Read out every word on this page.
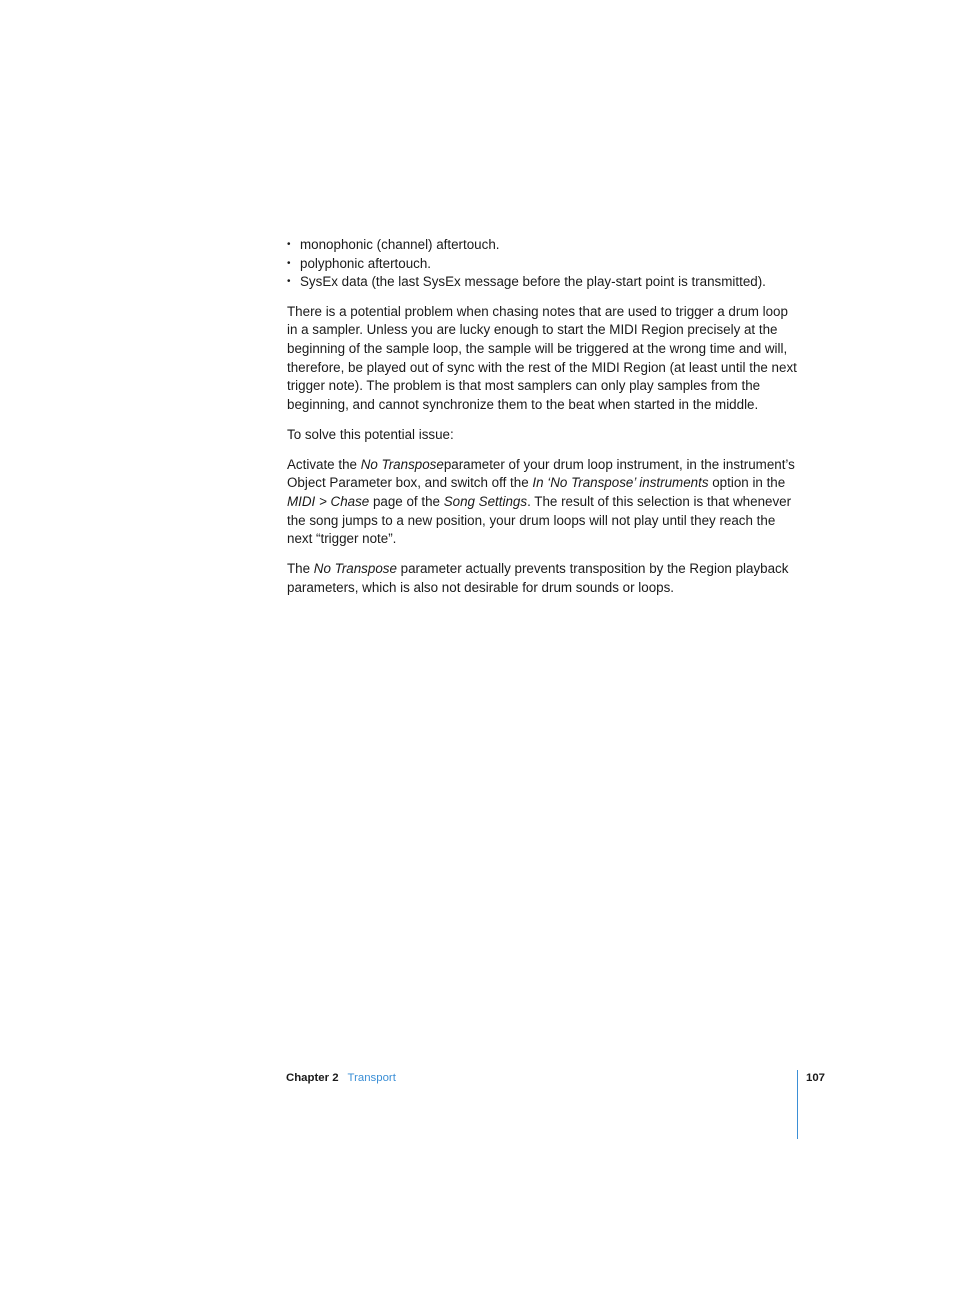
• monophonic (channel) aftertouch.
• polyphonic aftertouch.
• SysEx data (the last SysEx message before the play-start point is transmitted).

There is a potential problem when chasing notes that are used to trigger a drum loop in a sampler. Unless you are lucky enough to start the MIDI Region precisely at the beginning of the sample loop, the sample will be triggered at the wrong time and will, therefore, be played out of sync with the rest of the MIDI Region (at least until the next trigger note). The problem is that most samplers can only play samples from the beginning, and cannot synchronize them to the beat when started in the middle.

To solve this potential issue:

Activate the No Transposeparameter of your drum loop instrument, in the instrument’s Object Parameter box, and switch off the In ‘No Transpose’ instruments option in the MIDI > Chase page of the Song Settings. The result of this selection is that whenever the song jumps to a new position, your drum loops will not play until they reach the next “trigger note”.

The No Transpose parameter actually prevents transposition by the Region playback parameters, which is also not desirable for drum sounds or loops.

Chapter 2 Transport	107
